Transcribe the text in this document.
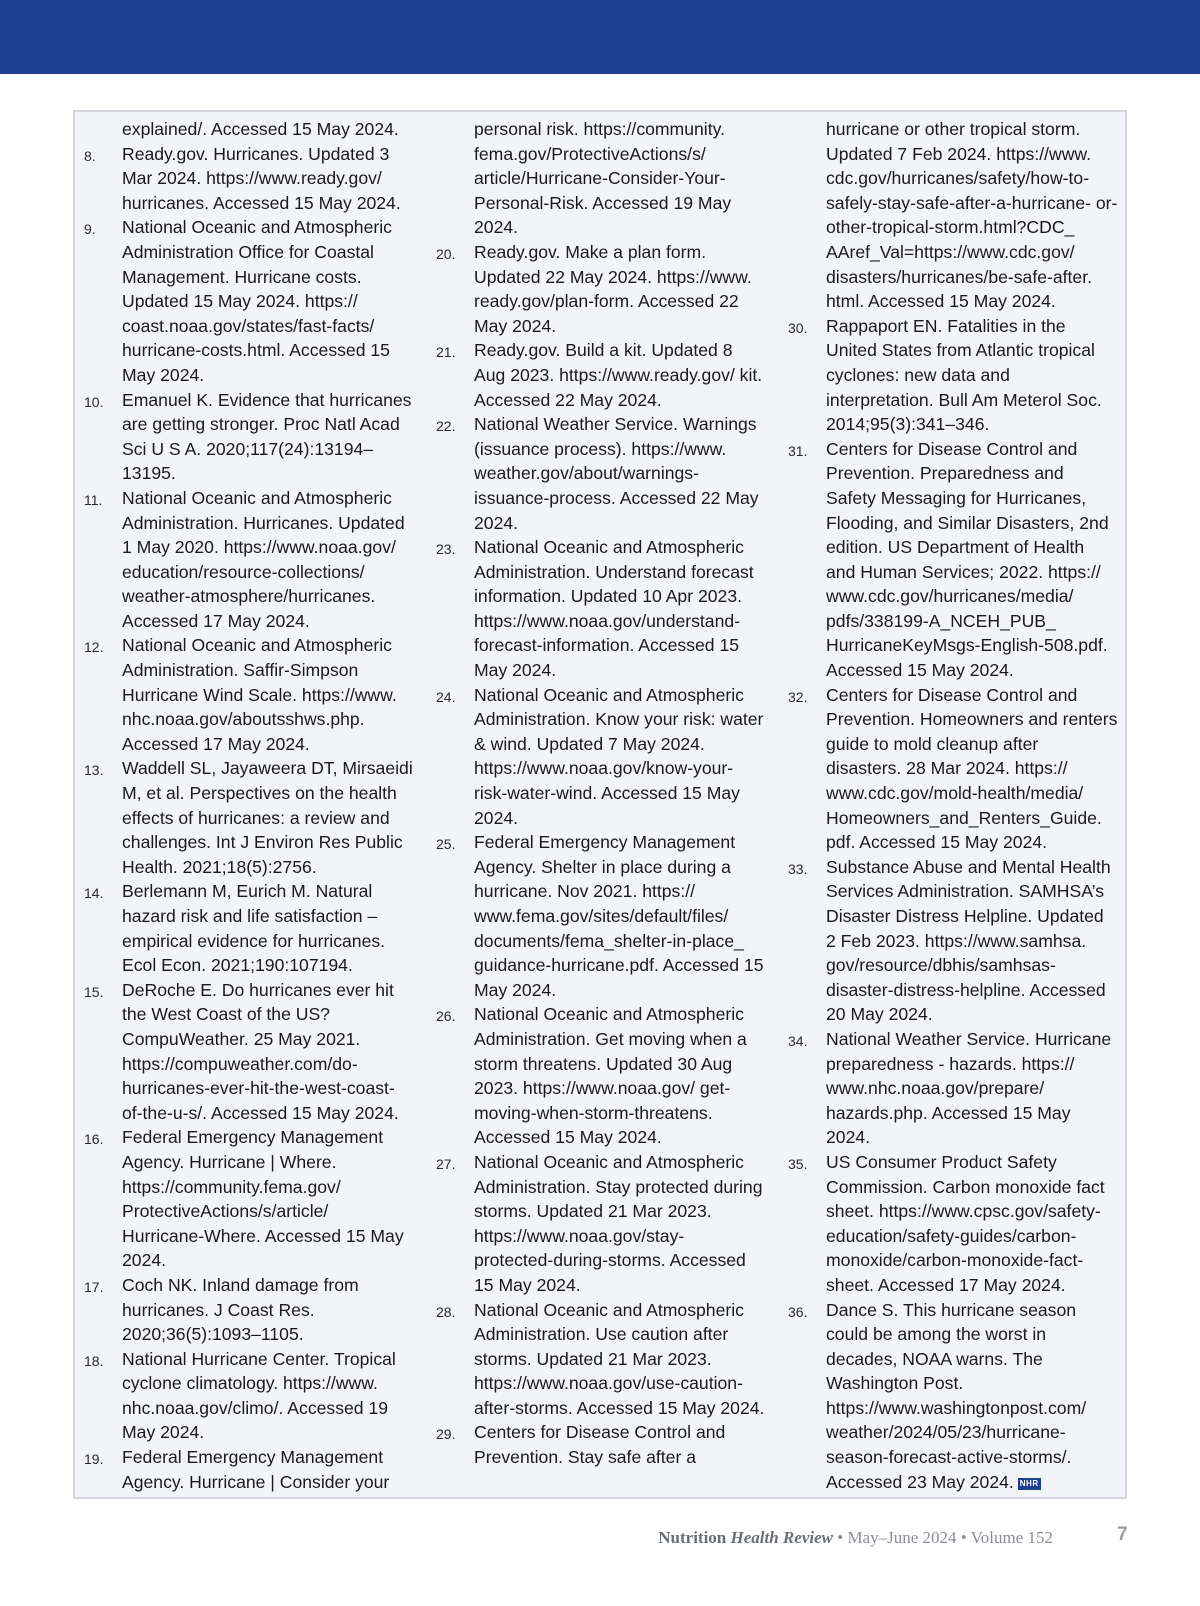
explained/. Accessed 15 May 2024.
8. Ready.gov. Hurricanes. Updated 3 Mar 2024. https://www.ready.gov/ hurricanes. Accessed 15 May 2024.
9. National Oceanic and Atmospheric Administration Office for Coastal Management. Hurricane costs. Updated 15 May 2024. https:// coast.noaa.gov/states/fast-facts/ hurricane-costs.html. Accessed 15 May 2024.
10. Emanuel K. Evidence that hurricanes are getting stronger. Proc Natl Acad Sci U S A. 2020;117(24):13194–13195.
11. National Oceanic and Atmospheric Administration. Hurricanes. Updated 1 May 2020. https://www.noaa.gov/ education/resource-collections/ weather-atmosphere/hurricanes. Accessed 17 May 2024.
12. National Oceanic and Atmospheric Administration. Saffir-Simpson Hurricane Wind Scale. https://www. nhc.noaa.gov/aboutsshws.php. Accessed 17 May 2024.
13. Waddell SL, Jayaweera DT, Mirsaeidi M, et al. Perspectives on the health effects of hurricanes: a review and challenges. Int J Environ Res Public Health. 2021;18(5):2756.
14. Berlemann M, Eurich M. Natural hazard risk and life satisfaction – empirical evidence for hurricanes. Ecol Econ. 2021;190:107194.
15. DeRoche E. Do hurricanes ever hit the West Coast of the US? CompuWeather. 25 May 2021. https://compuweather.com/do- hurricanes-ever-hit-the-west-coast- of-the-u-s/. Accessed 15 May 2024.
16. Federal Emergency Management Agency. Hurricane | Where. https://community.fema.gov/ ProtectiveActions/s/article/ Hurricane-Where. Accessed 15 May 2024.
17. Coch NK. Inland damage from hurricanes. J Coast Res. 2020;36(5):1093–1105.
18. National Hurricane Center. Tropical cyclone climatology. https://www. nhc.noaa.gov/climo/. Accessed 19 May 2024.
19. Federal Emergency Management Agency. Hurricane | Consider your
personal risk. https://community. fema.gov/ProtectiveActions/s/ article/Hurricane-Consider-Your- Personal-Risk. Accessed 19 May 2024.
20. Ready.gov. Make a plan form. Updated 22 May 2024. https://www. ready.gov/plan-form. Accessed 22 May 2024.
21. Ready.gov. Build a kit. Updated 8 Aug 2023. https://www.ready.gov/ kit. Accessed 22 May 2024.
22. National Weather Service. Warnings (issuance process). https://www. weather.gov/about/warnings- issuance-process. Accessed 22 May 2024.
23. National Oceanic and Atmospheric Administration. Understand forecast information. Updated 10 Apr 2023. https://www.noaa.gov/understand- forecast-information. Accessed 15 May 2024.
24. National Oceanic and Atmospheric Administration. Know your risk: water & wind. Updated 7 May 2024. https://www.noaa.gov/know-your- risk-water-wind. Accessed 15 May 2024.
25. Federal Emergency Management Agency. Shelter in place during a hurricane. Nov 2021. https:// www.fema.gov/sites/default/files/ documents/fema_shelter-in-place_ guidance-hurricane.pdf. Accessed 15 May 2024.
26. National Oceanic and Atmospheric Administration. Get moving when a storm threatens. Updated 30 Aug 2023. https://www.noaa.gov/ get-moving-when-storm-threatens. Accessed 15 May 2024.
27. National Oceanic and Atmospheric Administration. Stay protected during storms. Updated 21 Mar 2023. https://www.noaa.gov/stay- protected-during-storms. Accessed 15 May 2024.
28. National Oceanic and Atmospheric Administration. Use caution after storms. Updated 21 Mar 2023. https://www.noaa.gov/use-caution- after-storms. Accessed 15 May 2024.
29. Centers for Disease Control and Prevention. Stay safe after a
hurricane or other tropical storm. Updated 7 Feb 2024. https://www. cdc.gov/hurricanes/safety/how-to- safely-stay-safe-after-a-hurricane- or-other-tropical-storm.html?CDC_ AAref_Val=https://www.cdc.gov/ disasters/hurricanes/be-safe-after. html. Accessed 15 May 2024.
30. Rappaport EN. Fatalities in the United States from Atlantic tropical cyclones: new data and interpretation. Bull Am Meterol Soc. 2014;95(3):341–346.
31. Centers for Disease Control and Prevention. Preparedness and Safety Messaging for Hurricanes, Flooding, and Similar Disasters, 2nd edition. US Department of Health and Human Services; 2022. https:// www.cdc.gov/hurricanes/media/ pdfs/338199-A_NCEH_PUB_ HurricaneKeyMsgs-English-508.pdf. Accessed 15 May 2024.
32. Centers for Disease Control and Prevention. Homeowners and renters guide to mold cleanup after disasters. 28 Mar 2024. https:// www.cdc.gov/mold-health/media/ Homeowners_and_Renters_Guide. pdf. Accessed 15 May 2024.
33. Substance Abuse and Mental Health Services Administration. SAMHSA’s Disaster Distress Helpline. Updated 2 Feb 2023. https://www.samhsa. gov/resource/dbhis/samhsas- disaster-distress-helpline. Accessed 20 May 2024.
34. National Weather Service. Hurricane preparedness - hazards. https:// www.nhc.noaa.gov/prepare/ hazards.php. Accessed 15 May 2024.
35. US Consumer Product Safety Commission. Carbon monoxide fact sheet. https://www.cpsc.gov/safety- education/safety-guides/carbon- monoxide/carbon-monoxide-fact- sheet. Accessed 17 May 2024.
36. Dance S. This hurricane season could be among the worst in decades, NOAA warns. The Washington Post. https://www.washingtonpost.com/ weather/2024/05/23/hurricane- season-forecast-active-storms/. Accessed 23 May 2024. NHR
Nutrition Health Review • May–June 2024 • Volume 152	7
